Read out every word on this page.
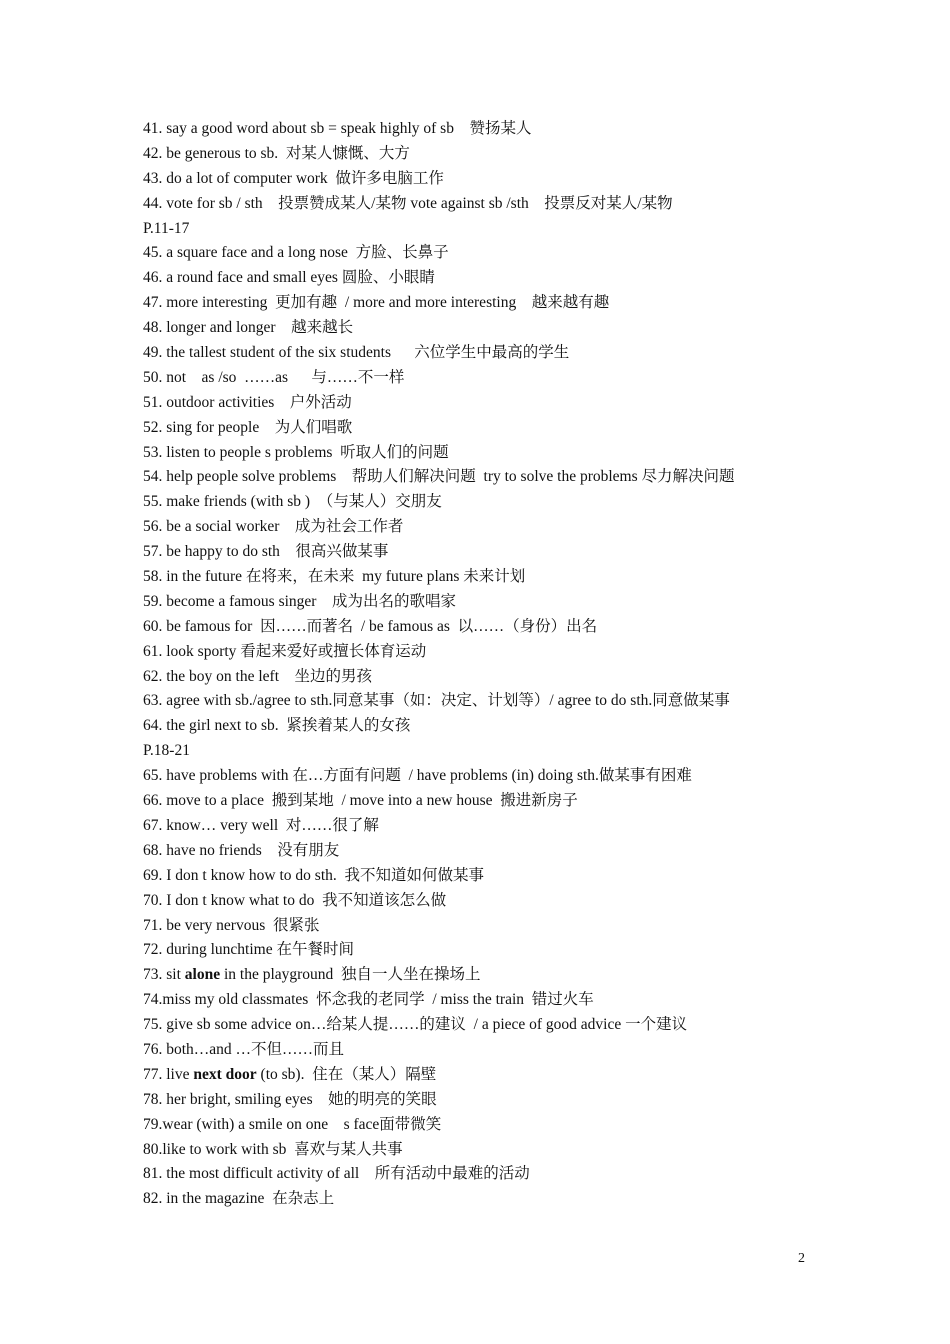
41. say a good word about sb = speak highly of sb    赞扬某人
42. be generous to sb.  对某人慷慨、大方
43. do a lot of computer work  做许多电脑工作
44. vote for sb / sth    投票赞成某人/某物 vote against sb /sth    投票反对某人/某物
P.11-17
45. a square face and a long nose  方脸、长鼻子
46. a round face and small eyes 圆脸、小眼睛
47. more interesting  更加有趣  / more and more interesting    越来越有趣
48. longer and longer    越来越长
49. the tallest student of the six students      六位学生中最高的学生
50. not    as /so  ……as      与……不一样
51. outdoor activities    户外活动
52. sing for people    为人们唱歌
53. listen to people s problems  听取人们的问题
54. help people solve problems    帮助人们解决问题  try to solve the problems 尽力解决问题
55. make friends (with sb )  （与某人）交朋友
56. be a social worker    成为社会工作者
57. be happy to do sth    很高兴做某事
58. in the future 在将来，在未来  my future plans 未来计划
59. become a famous singer    成为出名的歌唱家
60. be famous for  因……而著名  / be famous as  以……（身份）出名
61. look sporty 看起来爱好或擅长体育运动
62. the boy on the left    坐边的男孩
63. agree with sb./agree to sth.同意某事（如：决定、计划等）/ agree to do sth.同意做某事
64. the girl next to sb.  紧挨着某人的女孩
P.18-21
65. have problems with 在…方面有问题  / have problems (in) doing sth.做某事有困难
66. move to a place  搬到某地  / move into a new house  搬进新房子
67. know… very well  对……很了解
68. have no friends    没有朋友
69. I don t know how to do sth.  我不知道如何做某事
70. I don t know what to do  我不知道该怎么做
71. be very nervous  很紧张
72. during lunchtime 在午餐时间
73. sit alone in the playground  独自一人坐在操场上
74.miss my old classmates  怀念我的老同学  / miss the train  错过火车
75. give sb some advice on…给某人提……的建议  / a piece of good advice 一个建议
76. both…and …不但……而且
77. live next door (to sb).  住在（某人）隔壁
78. her bright, smiling eyes    她的明亮的笑眼
79.wear (with) a smile on one    s face面带微笑
80.like to work with sb  喜欢与某人共事
81. the most difficult activity of all    所有活动中最难的活动
82. in the magazine  在杂志上
2
